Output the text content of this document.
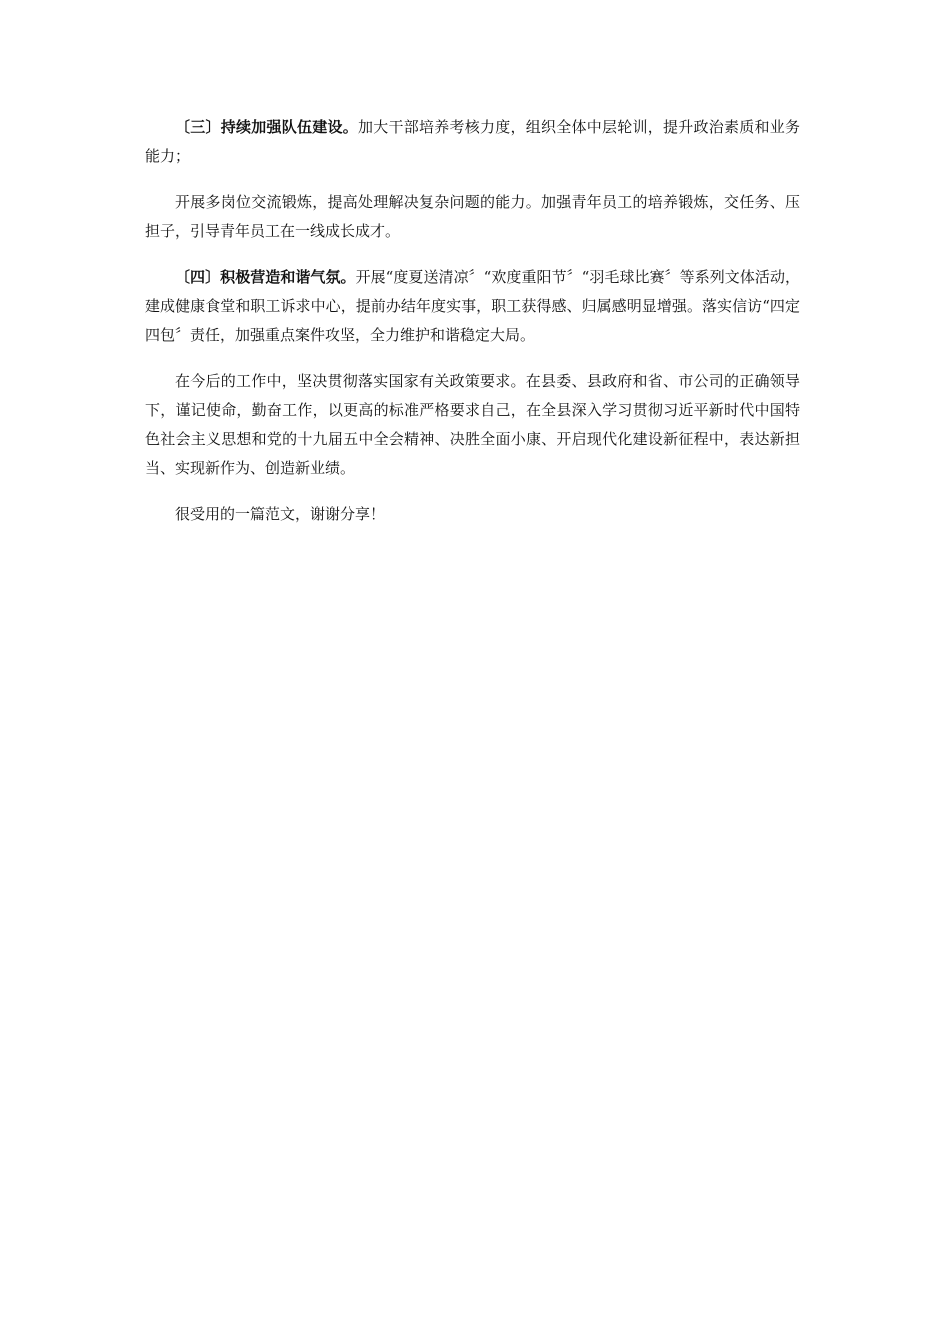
〔三〕持续加强队伍建设。加大干部培养考核力度，组织全体中层轮训，提升政治素质和业务能力；

开展多岗位交流锻炼，提高处理解决复杂问题的能力。加强青年员工的培养锻炼，交任务、压担子，引导青年员工在一线成长成才。

〔四〕积极营造和谐气氛。开展“度夏送清凉〞“欢度重阳节〞“羽毛球比赛〞等系列文体活动，建成健康食堂和职工诉求中心，提前办结年度实事，职工获得感、归属感明显增强。落实信访“四定四包〞责任，加强重点案件攻坚，全力维护和谐稳定大局。

在今后的工作中，坚决贯彻落实国家有关政策要求。在县委、县政府和省、市公司的正确领导下，谨记使命，勤奋工作，以更高的标准严格要求自己，在全县深入学习贯彻习近平新时代中国特色社会主义思想和党的十九届五中全会精神、决胜全面小康、开启现代化建设新征程中，表达新担当、实现新作为、创造新业绩。

很受用的一篇范文，谢谢分享！
